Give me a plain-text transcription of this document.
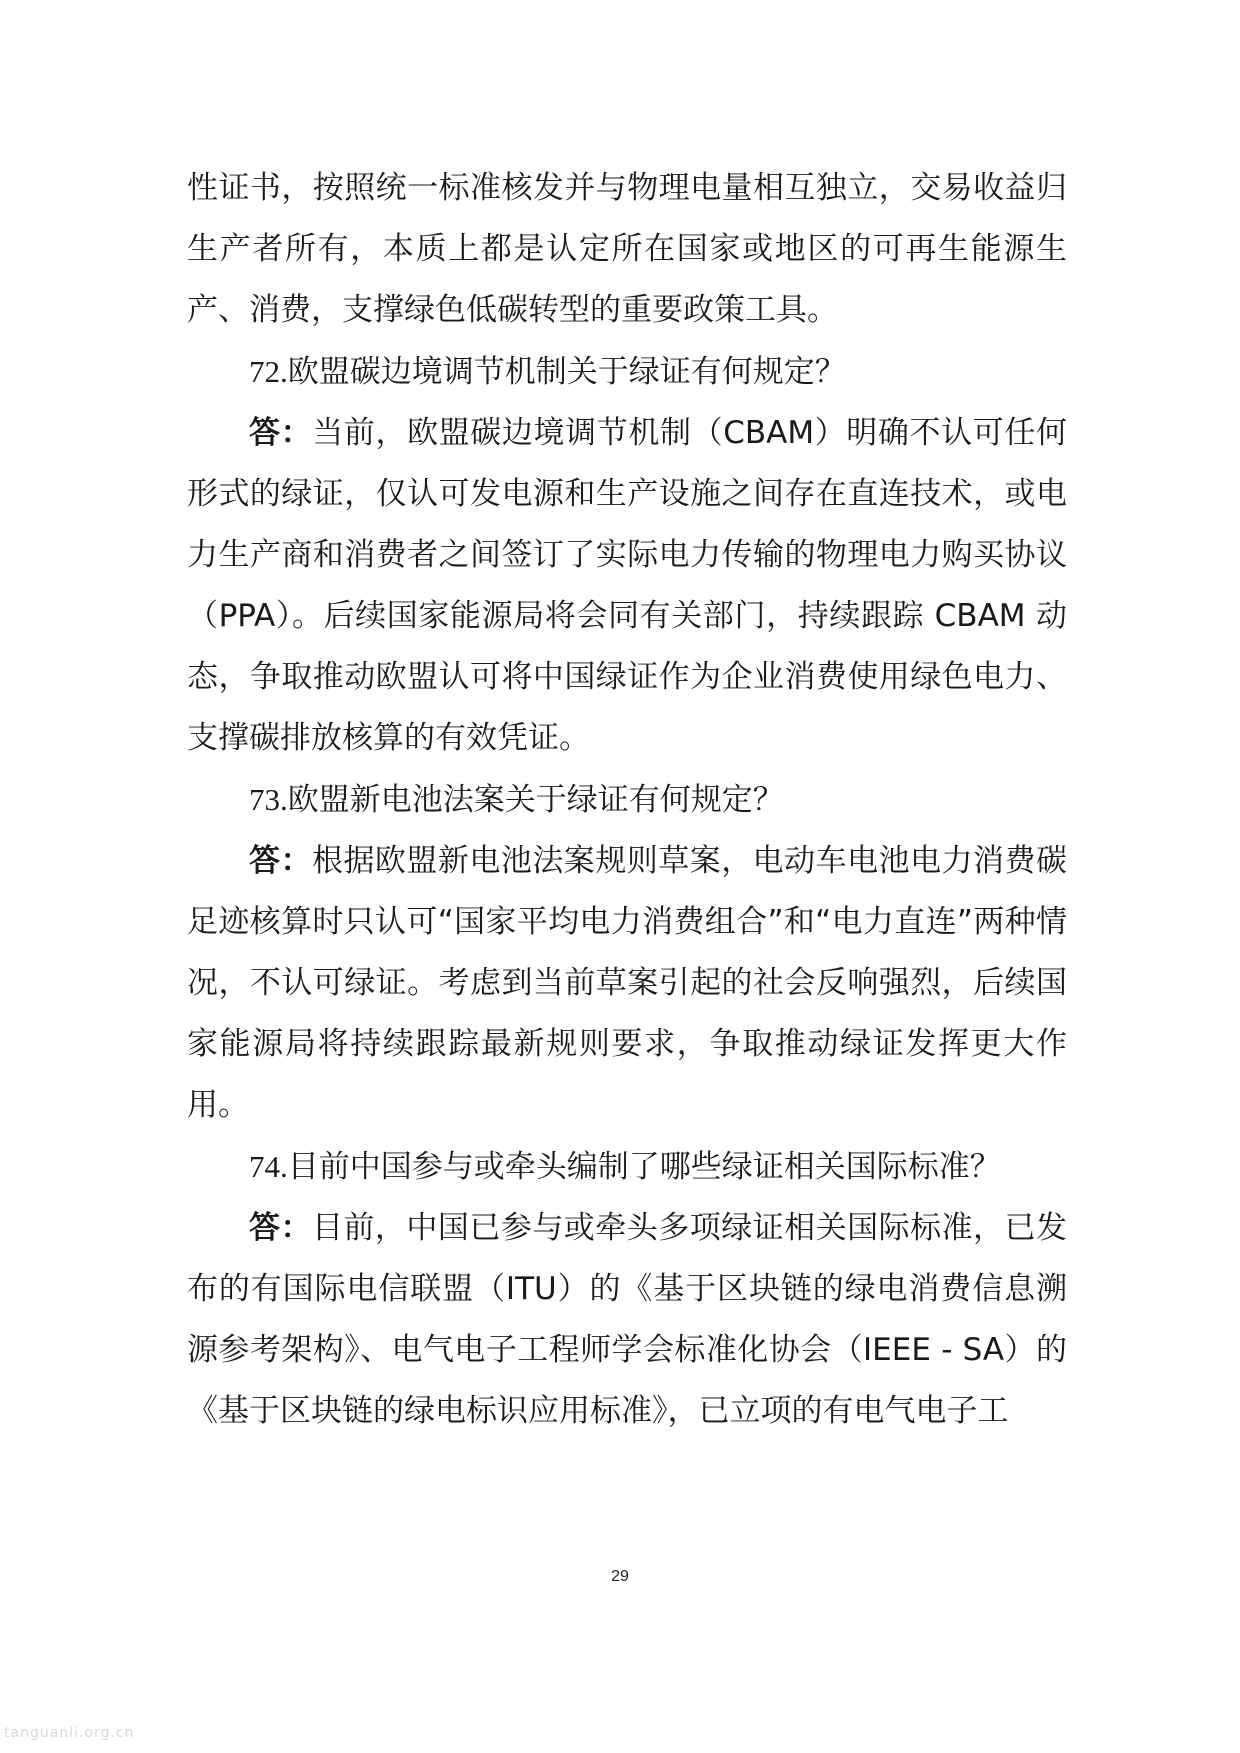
性证书，按照统一标准核发并与物理电量相互独立，交易收益归生产者所有，本质上都是认定所在国家或地区的可再生能源生产、消费，支撑绿色低碳转型的重要政策工具。

72.欧盟碳边境调节机制关于绿证有何规定？

答：当前，欧盟碳边境调节机制（CBAM）明确不认可任何形式的绿证，仅认可发电源和生产设施之间存在直连技术，或电力生产商和消费者之间签订了实际电力传输的物理电力购买协议（PPA）。后续国家能源局将会同有关部门，持续跟踪 CBAM 动态，争取推动欧盟认可将中国绿证作为企业消费使用绿色电力、支撑碳排放核算的有效凭证。

73.欧盟新电池法案关于绿证有何规定？

答：根据欧盟新电池法案规则草案，电动车电池电力消费碳足迹核算时只认可“国家平均电力消费组合”和“电力直连”两种情况，不认可绿证。考虑到当前草案引起的社会反响强烈，后续国家能源局将持续跟踪最新规则要求，争取推动绿证发挥更大作用。

74.目前中国参与或牵头编制了哪些绿证相关国际标准？

答：目前，中国已参与或牵头多项绿证相关国际标准，已发布的有国际电信联盟（ITU）的《基于区块链的绿电消费信息溯源参考架构》、电气电子工程师学会标准化协会（IEEE - SA）的《基于区块链的绿电标识应用标准》，已立项的有电气电子工

29
tanguanli.org.cn
